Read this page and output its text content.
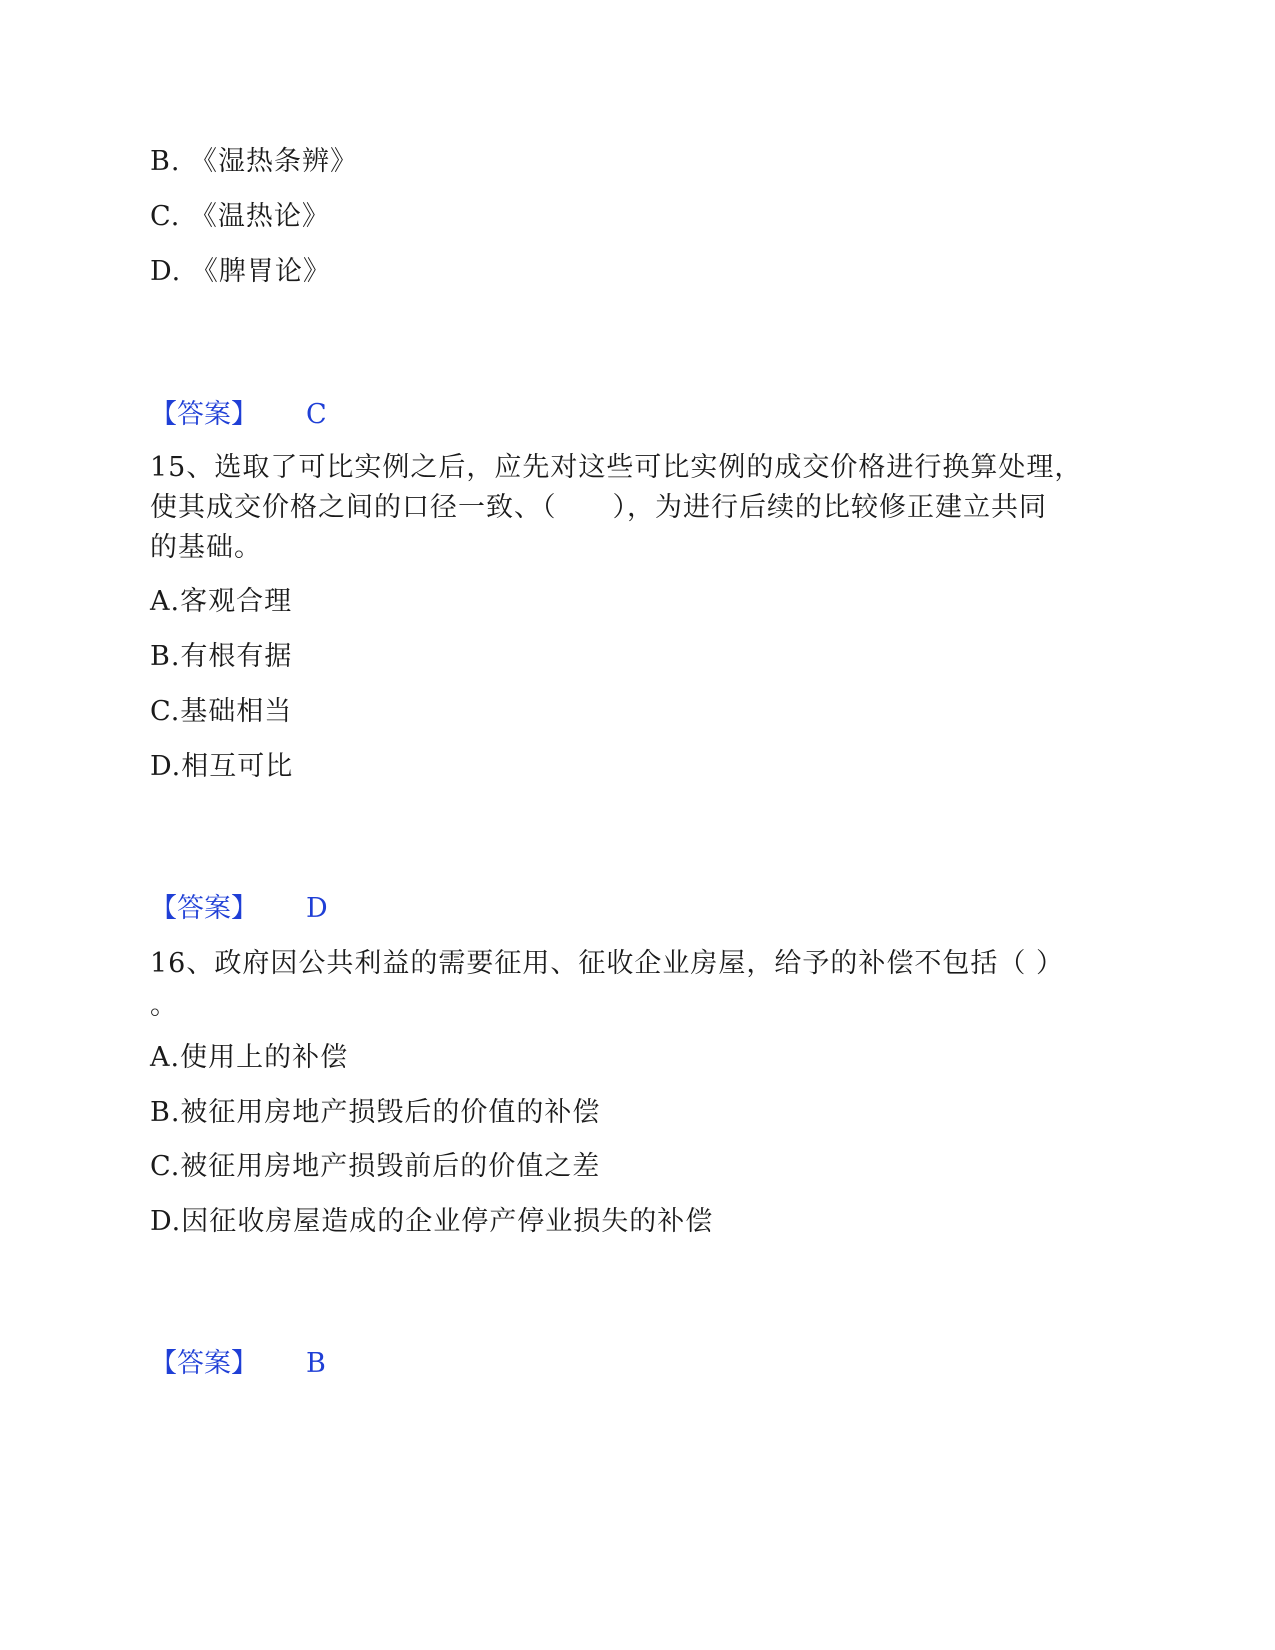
B. 《湿热条辨》
C. 《温热论》
D. 《脾胃论》
【答案】 C
15、选取了可比实例之后，应先对这些可比实例的成交价格进行换算处理，
使其成交价格之间的口径一致、（　　），为进行后续的比较修正建立共同
的基础。
A.客观合理
B.有根有据
C.基础相当
D.相互可比
【答案】 D
16、政府因公共利益的需要征用、征收企业房屋，给予的补偿不包括（ ）
。
A.使用上的补偿
B.被征用房地产损毁后的价值的补偿
C.被征用房地产损毁前后的价值之差
D.因征收房屋造成的企业停产停业损失的补偿
【答案】 B
